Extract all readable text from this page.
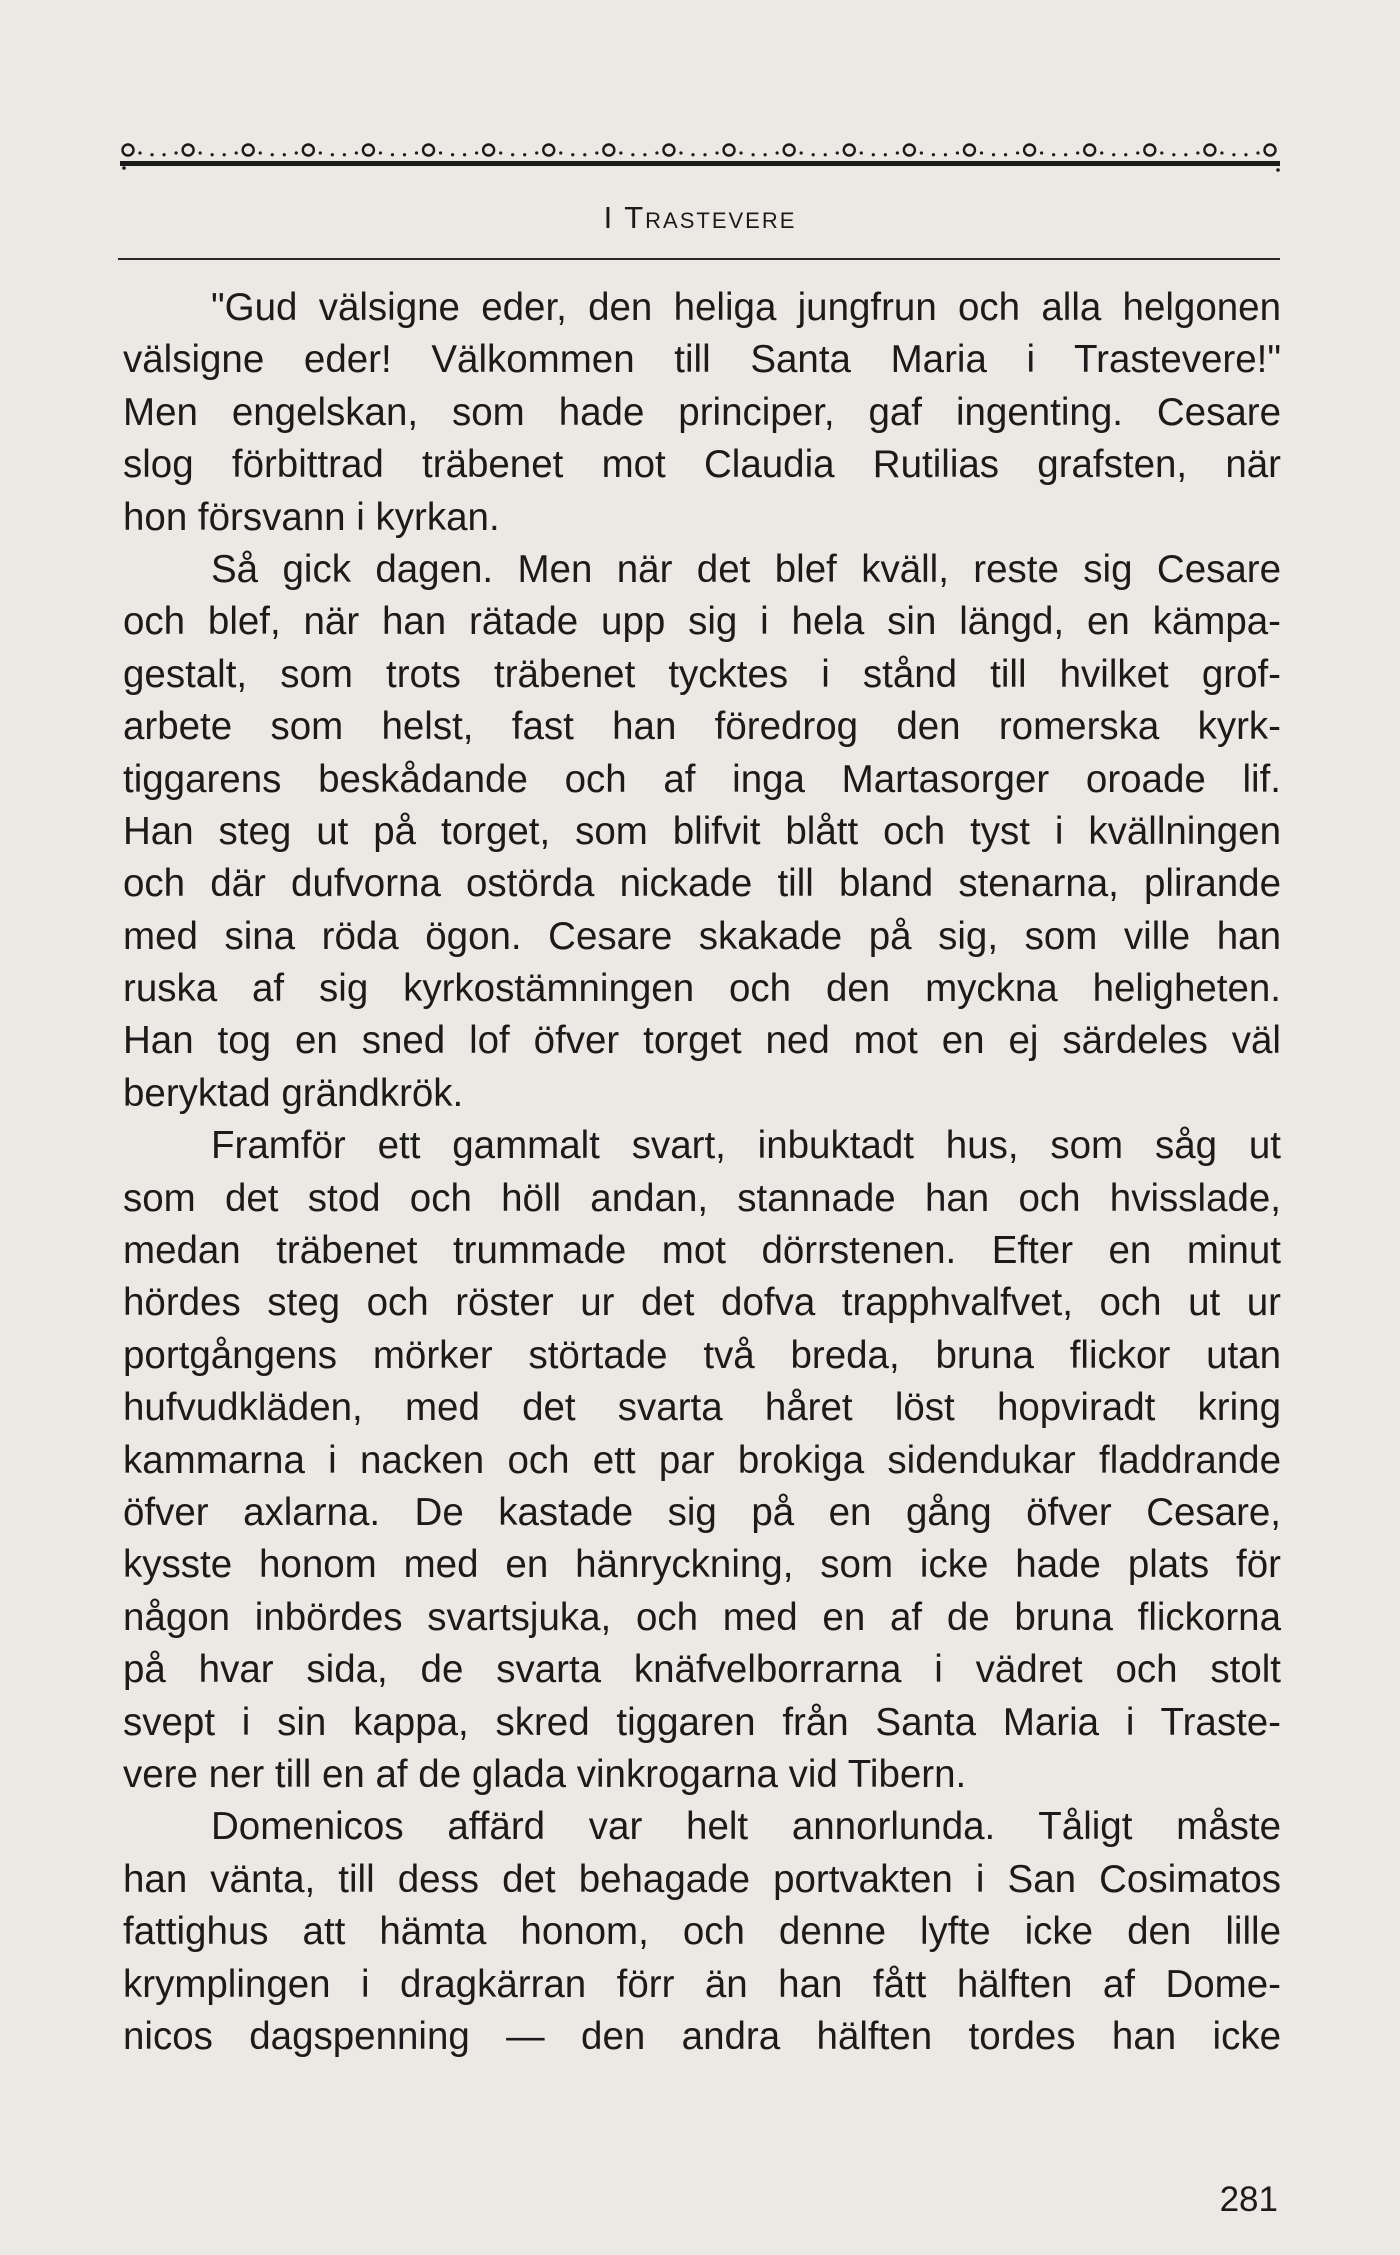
I Trastevere
"Gud välsigne eder, den heliga jungfrun och alla helgonen
välsigne eder! Välkommen till Santa Maria i Trastevere!"
Men engelskan, som hade principer, gaf ingenting. Cesare
slog förbittrad träbenet mot Claudia Rutilias grafsten, när
hon försvann i kyrkan.
Så gick dagen. Men när det blef kväll, reste sig Cesare
och blef, när han rätade upp sig i hela sin längd, en kämpa-
gestalt, som trots träbenet tycktes i stånd till hvilket grof-
arbete som helst, fast han föredrog den romerska kyrk-
tiggarens beskådande och af inga Martasorger oroade lif.
Han steg ut på torget, som blifvit blått och tyst i kvällningen
och där dufvorna ostörda nickade till bland stenarna, plirande
med sina röda ögon. Cesare skakade på sig, som ville han
ruska af sig kyrkostämningen och den myckna heligheten.
Han tog en sned lof öfver torget ned mot en ej särdeles väl
beryktad grändkrök.
Framför ett gammalt svart, inbuktadt hus, som såg ut
som det stod och höll andan, stannade han och hvisslade,
medan träbenet trummade mot dörrstenen. Efter en minut
hördes steg och röster ur det dofva trapphvalfvet, och ut ur
portgångens mörker störtade två breda, bruna flickor utan
hufvudkläden, med det svarta håret löst hopviradt kring
kammarna i nacken och ett par brokiga sidendukar fladdrande
öfver axlarna. De kastade sig på en gång öfver Cesare,
kysste honom med en hänryckning, som icke hade plats för
någon inbördes svartsjuka, och med en af de bruna flickorna
på hvar sida, de svarta knäfvelborrarna i vädret och stolt
svept i sin kappa, skred tiggaren från Santa Maria i Traste-
vere ner till en af de glada vinkrogarna vid Tibern.
Domenicos affärd var helt annorlunda. Tåligt måste
han vänta, till dess det behagade portvakten i San Cosimatos
fattighus att hämta honom, och denne lyfte icke den lille
krymplingen i dragkärran förr än han fått hälften af Dome-
nicos dagspenning — den andra hälften tordes han icke
281
